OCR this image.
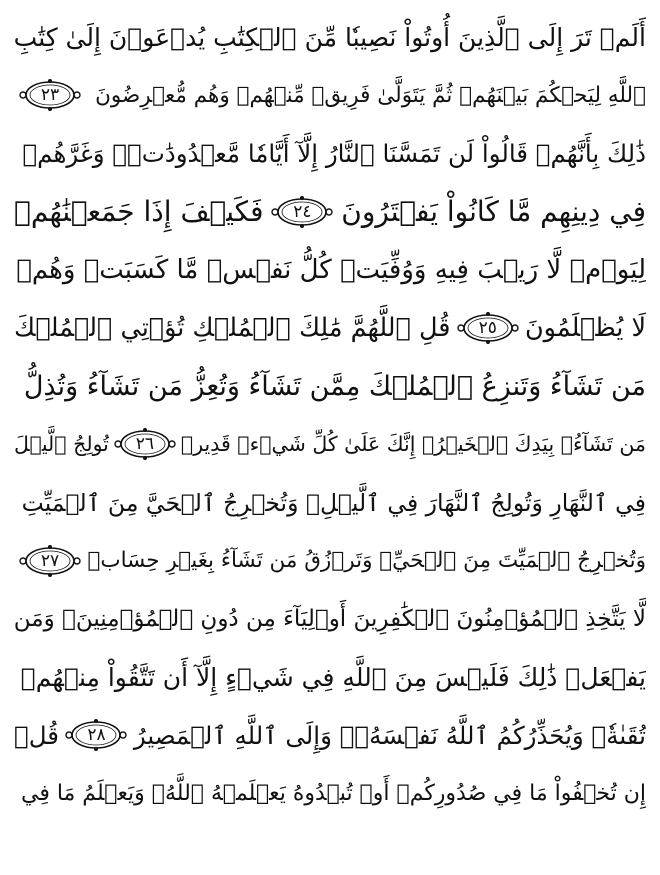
أَلَمۡ تَرَ إِلَى ٱلَّذِينَ أُوتُواْ نَصِيبٗا مِّنَ ٱلۡكِتَٰبِ يُدۡعَوۡنَ إِلَىٰ كِتَٰبِ
ٱللَّهِ لِيَحۡكُمَ بَيۡنَهُمۡ ثُمَّ يَتَوَلَّىٰ فَرِيقٞ مِّنۡهُمۡ وَهُم مُّعۡرِضُونَ
٢٣
ذَٰلِكَ بِأَنَّهُمۡ قَالُواْ لَن تَمَسَّنَا ٱلنَّارُ إِلَّآ أَيَّامٗا مَّعۡدُودَٰتٖۖ وَغَرَّهُمۡ
فِي دِينِهِم مَّا كَانُواْ يَفۡتَرُونَ
٢٤
فَكَيۡفَ إِذَا جَمَعۡنَٰهُمۡ
لِيَوۡمٖ لَّا رَيۡبَ فِيهِ وَوُفِّيَتۡ كُلُّ نَفۡسٖ مَّا كَسَبَتۡ وَهُمۡ
لَا يُظۡلَمُونَ
٢٥
قُلِ ٱللَّهُمَّ مَٰلِكَ ٱلۡمُلۡكِ تُؤۡتِي ٱلۡمُلۡكَ
مَن تَشَآءُ وَتَنزِعُ ٱلۡمُلۡكَ مِمَّن تَشَآءُ وَتُعِزُّ مَن تَشَآءُ وَتُذِلُّ
مَن تَشَآءُۖ بِيَدِكَ ٱلۡخَيۡرُۖ إِنَّكَ عَلَىٰ كُلِّ شَيۡءٖ قَدِيرٞ
٢٦
تُولِجُ ٱلَّيۡلَ
فِي ٱلنَّهَارِ وَتُولِجُ ٱلنَّهَارَ فِي ٱلَّيۡلِۖ وَتُخۡرِجُ ٱلۡحَيَّ مِنَ ٱلۡمَيِّتِ
وَتُخۡرِجُ ٱلۡمَيِّتَ مِنَ ٱلۡحَيِّۖ وَتَرۡزُقُ مَن تَشَآءُ بِغَيۡرِ حِسَابٖ
٢٧
لَّا يَتَّخِذِ ٱلۡمُؤۡمِنُونَ ٱلۡكَٰفِرِينَ أَوۡلِيَآءَ مِن دُونِ ٱلۡمُؤۡمِنِينَۖ وَمَن
يَفۡعَلۡ ذَٰلِكَ فَلَيۡسَ مِنَ ٱللَّهِ فِي شَيۡءٍ إِلَّآ أَن تَتَّقُواْ مِنۡهُمۡ
تُقَىٰةٗۗ وَيُحَذِّرُكُمُ ٱللَّهُ نَفۡسَهُۥۗ وَإِلَى ٱللَّهِ ٱلۡمَصِيرُ
٢٨
قُلۡ
إِن تُخۡفُواْ مَا فِي صُدُورِكُمۡ أَوۡ تُبۡدُوهُ يَعۡلَمۡهُ ٱللَّهُۗ وَيَعۡلَمُ مَا فِي
